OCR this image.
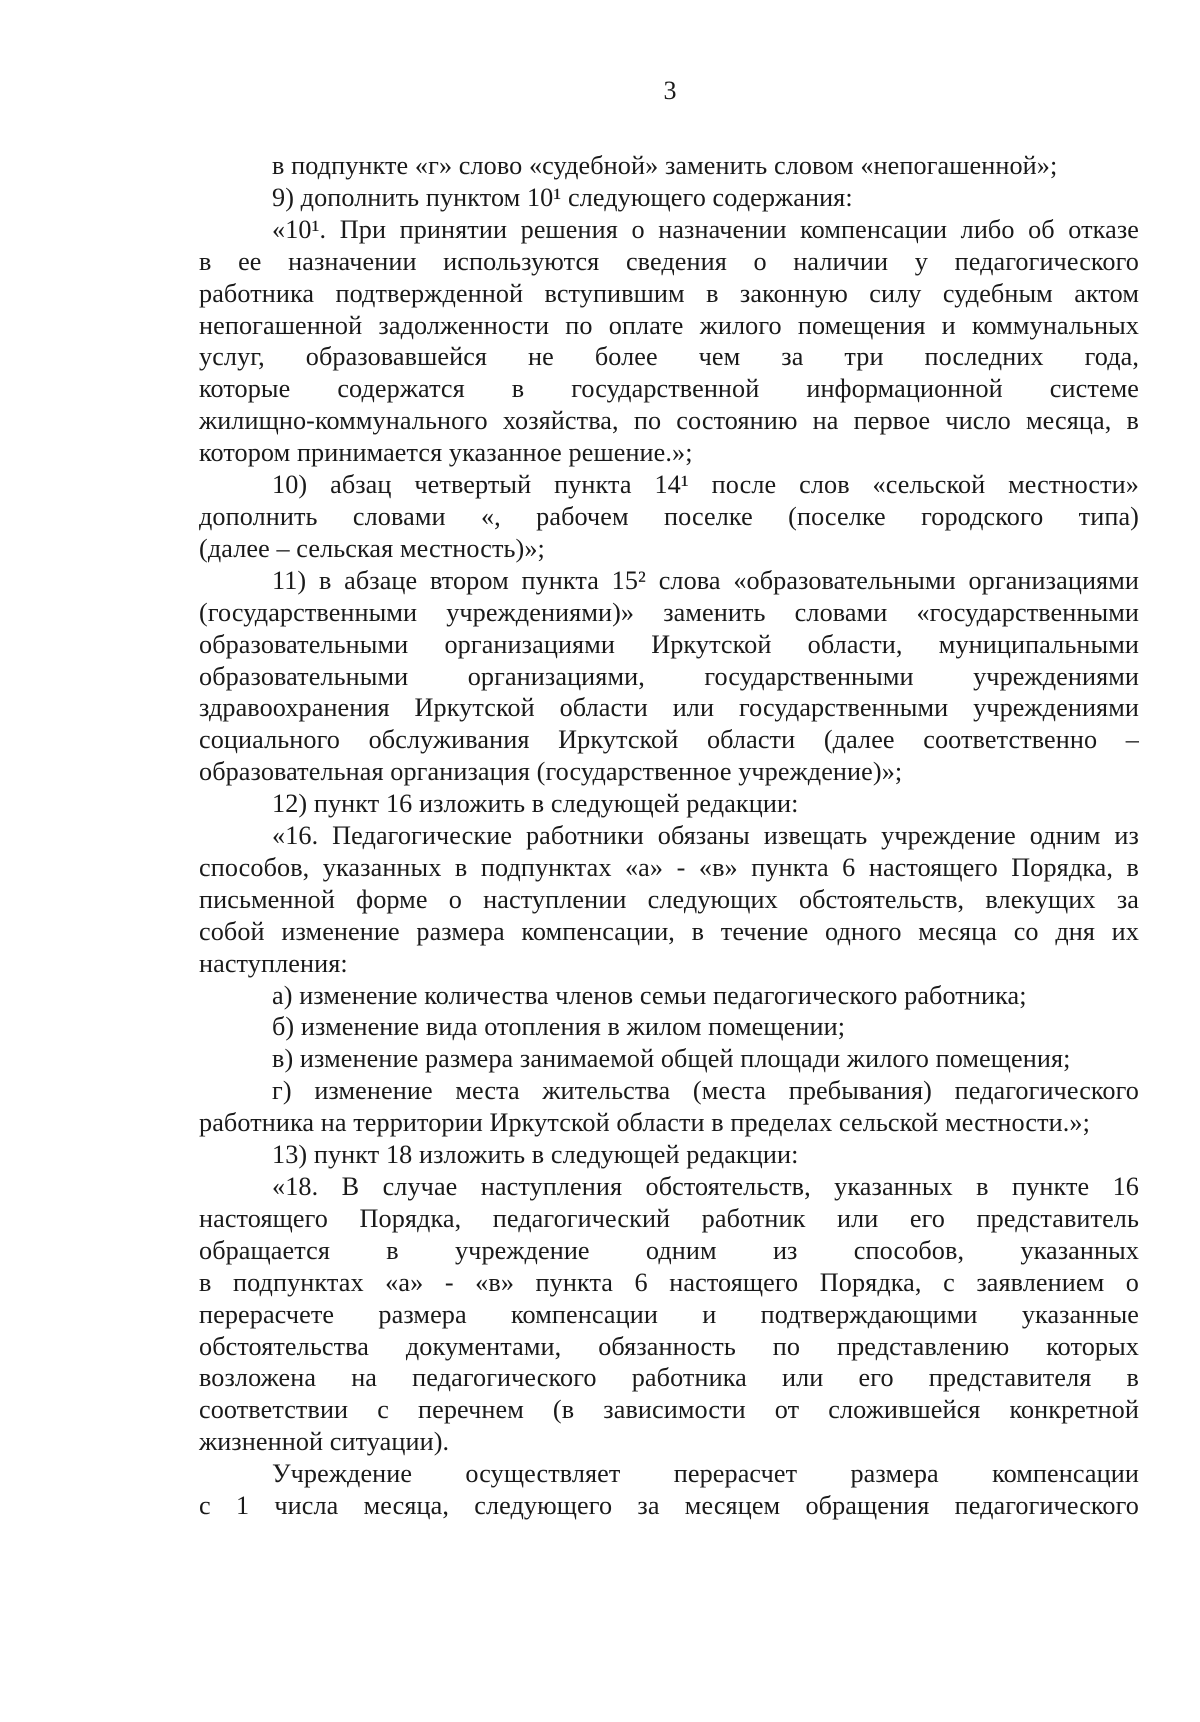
3
в подпунктe «г» слово «судебной» заменить словом «непогашенной»;
9) дополнить пунктом 10¹ следующего содержания:
«10¹. При принятии решения о назначении компенсации либо об отказе
в ее назначении используются сведения о наличии у педагогического
работника подтвержденной вступившим в законную силу судебным актом
непогашенной задолженности по оплате жилого помещения и коммунальных
услуг, образовавшейся не более чем за три последних года,
которые содержатся в государственной информационной системе
жилищно-коммунального хозяйства, по состоянию на первое число месяца, в
котором принимается указанное решение.»;
10) абзац четвертый пункта 14¹ после слов «сельской местности»
дополнить словами «, рабочем поселке (поселке городского типа)
(далее – сельская местность)»;
11) в абзаце втором пункта 15² слова «образовательными организациями
(государственными учреждениями)» заменить словами «государственными
образовательными организациями Иркутской области, муниципальными
образовательными организациями, государственными учреждениями
здравоохранения Иркутской области или государственными учреждениями
социального обслуживания Иркутской области (далее соответственно –
образовательная организация (государственное учреждение)»;
12) пункт 16 изложить в следующей редакции:
«16. Педагогические работники обязаны извещать учреждение одним из
способов, указанных в подпунктах «а» - «в» пункта 6 настоящего Порядка, в
письменной форме о наступлении следующих обстоятельств, влекущих за
собой изменение размера компенсации, в течение одного месяца со дня их
наступления:
а) изменение количества членов семьи педагогического работника;
б) изменение вида отопления в жилом помещении;
в) изменение размера занимаемой общей площади жилого помещения;
г) изменение места жительства (места пребывания) педагогического
работника на территории Иркутской области в пределах сельской местности.»;
13) пункт 18 изложить в следующей редакции:
«18. В случае наступления обстоятельств, указанных в пункте 16
настоящего Порядка, педагогический работник или его представитель
обращается в учреждение одним из способов, указанных
в подпунктах «а» - «в» пункта 6 настоящего Порядка, с заявлением о
перерасчете размера компенсации и подтверждающими указанные
обстоятельства документами, обязанность по представлению которых
возложена на педагогического работника или его представителя в
соответствии с перечнем (в зависимости от сложившейся конкретной
жизненной ситуации).
Учреждение осуществляет перерасчет размера компенсации
с 1 числа месяца, следующего за месяцем обращения педагогического
